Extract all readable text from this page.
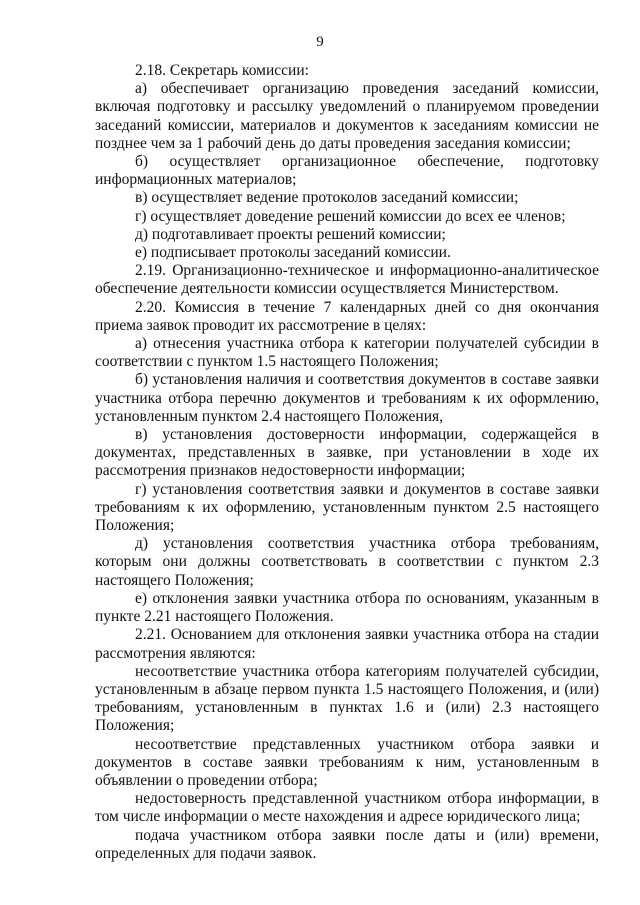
9

2.18. Секретарь комиссии:

а) обеспечивает организацию проведения заседаний комиссии, включая подготовку и рассылку уведомлений о планируемом проведении заседаний комиссии, материалов и документов к заседаниям комиссии не позднее чем за 1 рабочий день до даты проведения заседания комиссии;

б) осуществляет организационное обеспечение, подготовку информационных материалов;

в) осуществляет ведение протоколов заседаний комиссии;

г) осуществляет доведение решений комиссии до всех ее членов;

д) подготавливает проекты решений комиссии;

е) подписывает протоколы заседаний комиссии.

2.19. Организационно-техническое и информационно-аналитическое обеспечение деятельности комиссии осуществляется Министерством.

2.20. Комиссия в течение 7 календарных дней со дня окончания приема заявок проводит их рассмотрение в целях:

а) отнесения участника отбора к категории получателей субсидии в соответствии с пунктом 1.5 настоящего Положения;

б) установления наличия и соответствия документов в составе заявки участника отбора перечню документов и требованиям к их оформлению, установленным пунктом 2.4 настоящего Положения,

в) установления достоверности информации, содержащейся в документах, представленных в заявке, при установлении в ходе их рассмотрения признаков недостоверности информации;

г) установления соответствия заявки и документов в составе заявки требованиям к их оформлению, установленным пунктом 2.5 настоящего Положения;

д) установления соответствия участника отбора требованиям, которым они должны соответствовать в соответствии с пунктом 2.3 настоящего Положения;

е) отклонения заявки участника отбора по основаниям, указанным в пункте 2.21 настоящего Положения.

2.21. Основанием для отклонения заявки участника отбора на стадии рассмотрения являются:

несоответствие участника отбора категориям получателей субсидии, установленным в абзаце первом пункта 1.5 настоящего Положения, и (или) требованиям, установленным в пунктах 1.6 и (или) 2.3 настоящего Положения;

несоответствие представленных участником отбора заявки и документов в составе заявки требованиям к ним, установленным в объявлении о проведении отбора;

недостоверность представленной участником отбора информации, в том числе информации о месте нахождения и адресе юридического лица;

подача участником отбора заявки после даты и (или) времени, определенных для подачи заявок.
